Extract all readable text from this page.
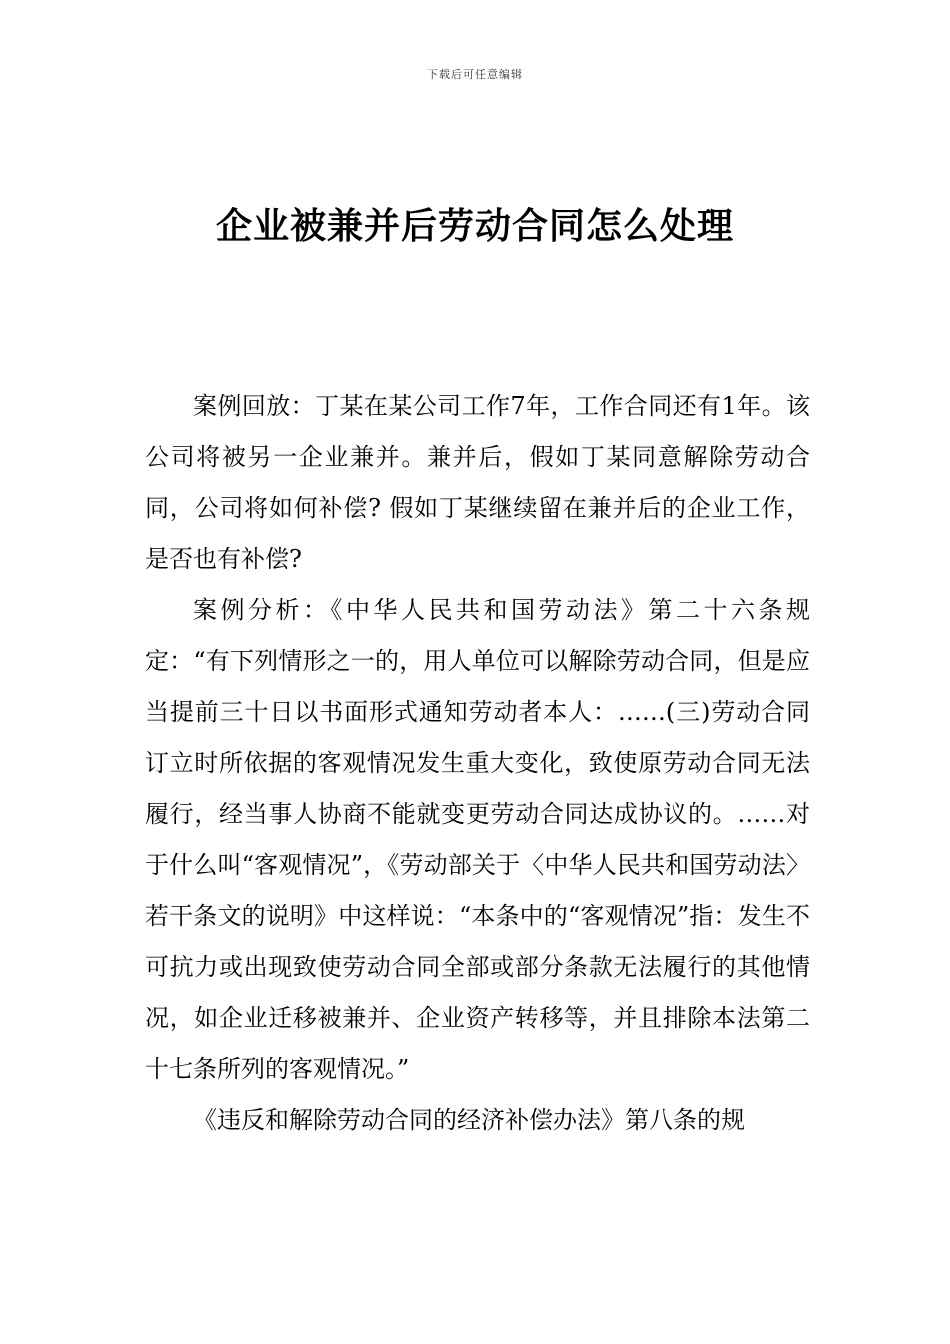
下载后可任意编辑
企业被兼并后劳动合同怎么处理

案例回放：丁某在某公司工作7年，工作合同还有1年。该公司将被另一企业兼并。兼并后，假如丁某同意解除劳动合同，公司将如何补偿? 假如丁某继续留在兼并后的企业工作，是否也有补偿?

案例分析：《中华人民共和国劳动法》第二十六条规定：“有下列情形之一的，用人单位可以解除劳动合同，但是应当提前三十日以书面形式通知劳动者本人：……(三)劳动合同订立时所依据的客观情况发生重大变化，致使原劳动合同无法履行，经当事人协商不能就变更劳动合同达成协议的。……对于什么叫“客观情况”，《劳动部关于〈中华人民共和国劳动法〉若干条文的说明》中这样说：“本条中的“客观情况”指：发生不可抗力或出现致使劳动合同全部或部分条款无法履行的其他情况，如企业迁移被兼并、企业资产转移等，并且排除本法第二十七条所列的客观情况。”

《违反和解除劳动合同的经济补偿办法》第八条的规
